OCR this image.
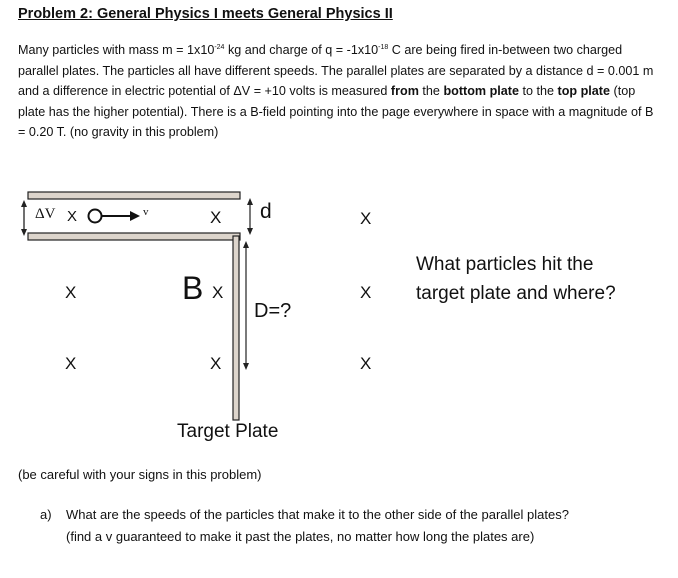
Problem 2: General Physics I meets General Physics II
Many particles with mass $m = 1x10^{-24}$ kg and charge of $q = -1x10^{-18}$ C are being fired in-between two charged parallel plates. The particles all have different speeds. The parallel plates are separated by a distance d = 0.001 m and a difference in electric potential of ΔV = +10 volts is measured from the bottom plate to the top plate (top plate has the higher potential). There is a B-field pointing into the page everywhere in space with a magnitude of B = 0.20 T. (no gravity in this problem)
ΔV X	v	X d	X
X	B X
D=?
X
X	X	X
Target Plate
What particles hit the target plate and where?
(be careful with your signs in this problem)
a) What are the speeds of the particles that make it to the other side of the parallel plates?
(find a v guaranteed to make it past the plates, no matter how long the plates are)
